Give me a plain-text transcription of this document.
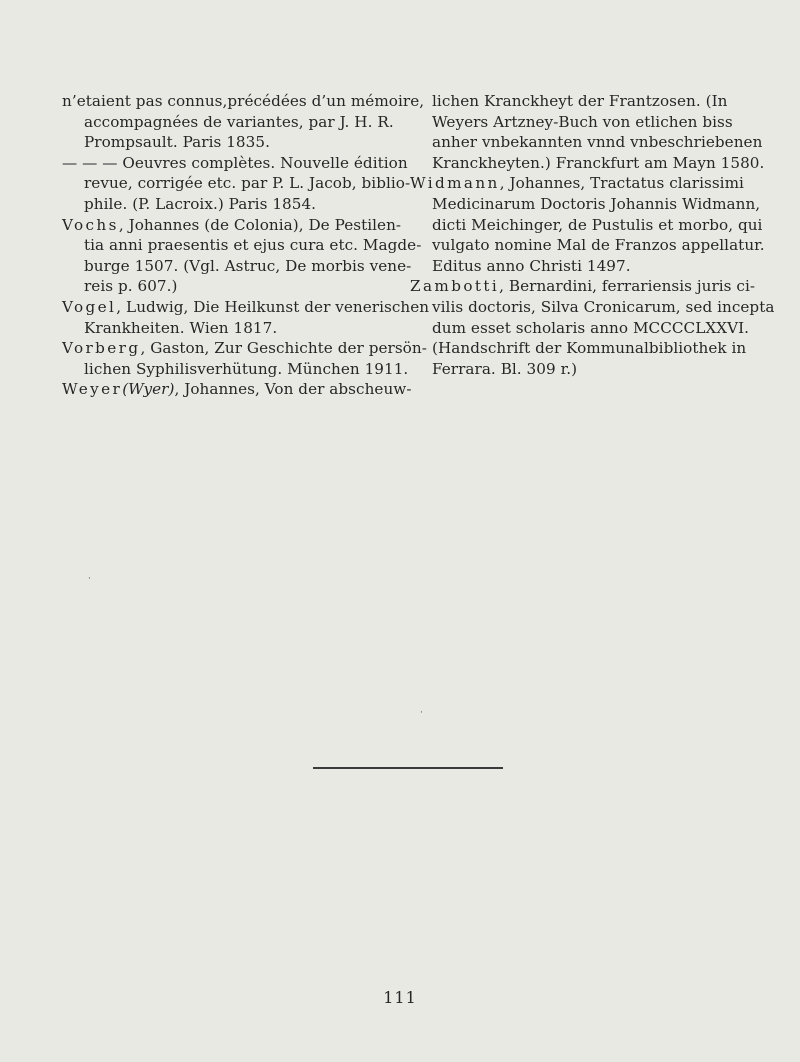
n’etaient pas connus,précédées d’un mémoire,
accompagnées de variantes, par J. H. R.
Prompsault. Paris 1835.

— — — Oeuvres complètes. Nouvelle édition
revue, corrigée etc. par P. L. Jacob, biblio-
phile. (P. Lacroix.) Paris 1854.

Vochs, Johannes (de Colonia), De Pestilen-
tia anni praesentis et ejus cura etc. Magde-
burge 1507. (Vgl. Astruc, De morbis vene-
reis p. 607.)

Vogel, Ludwig, Die Heilkunst der venerischen
Krankheiten. Wien 1817.

Vorberg, Gaston, Zur Geschichte der persön-
lichen Syphilisverhütung. München 1911.

Weyer(Wyer), Johannes, Von der abscheuw-

lichen Kranckheyt der Frantzosen. (In
Weyers Artzney-Buch von etlichen biss
anher vnbekannten vnnd vnbeschriebenen
Kranckheyten.) Franckfurt am Mayn 1580.

Widmann, Johannes, Tractatus clarissimi
Medicinarum Doctoris Johannis Widmann,
dicti Meichinger, de Pustulis et morbo, qui
vulgato nomine Mal de Franzos appellatur.
Editus anno Christi 1497.

Zambotti, Bernardini, ferrariensis juris ci-
vilis doctoris, Silva Cronicarum, sed incepta
dum esset scholaris anno MCCCCLXXVI.
(Handschrift der Kommunalbibliothek in
Ferrara. Bl. 309 r.)

111
·
·
